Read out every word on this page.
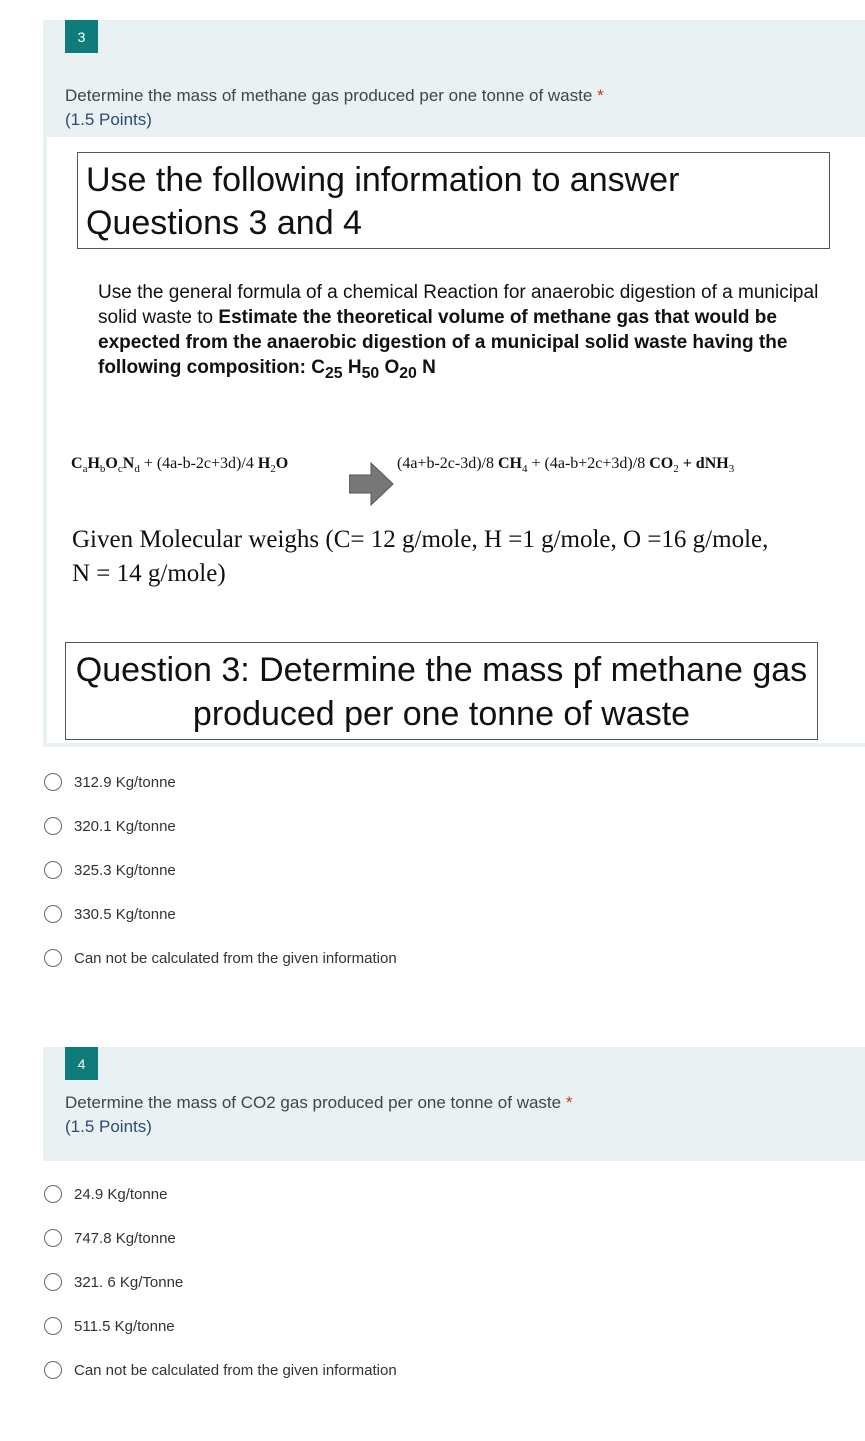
3
Determine the mass of methane gas produced per one tonne of waste *
(1.5 Points)
Use the following information to answer Questions 3 and 4
Use the general formula of a chemical Reaction for anaerobic digestion of a municipal solid waste to Estimate the theoretical volume of methane gas that would be expected from the anaerobic digestion of a municipal solid waste having the following composition: $C_{25}$ $H_{50}$ $O_{20}$ N
$C_aH_bO_cN_d + (4a-b-2c+3d)/4$ $H_2O$	→ (4a+b-2c-3d)/8 $CH_4 + (4a-b+2c+3d)/8$ $CO_2 + dNH_3$
Given Molecular weighs (C= 12 g/mole, H =1 g/mole, O =16 g/mole, N = 14 g/mole)
Question 3: Determine the mass pf methane gas produced per one tonne of waste
312.9 Kg/tonne
320.1 Kg/tonne
325.3 Kg/tonne
330.5 Kg/tonne
Can not be calculated from the given information
4
Determine the mass of CO2 gas produced per one tonne of waste *
(1.5 Points)
24.9 Kg/tonne
747.8 Kg/tonne
321. 6 Kg/Tonne
511.5 Kg/tonne
Can not be calculated from the given information
